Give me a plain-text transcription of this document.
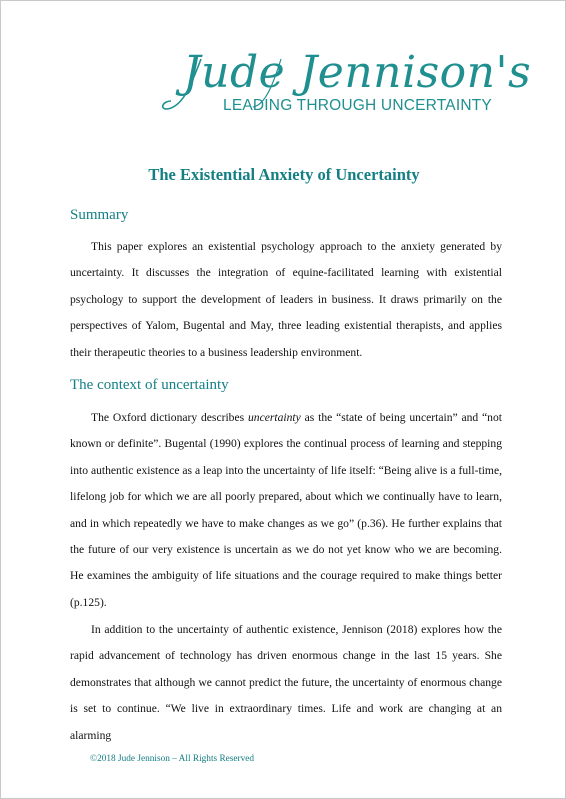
Jude Jennison's
LEADING THROUGH UNCERTAINTY
The Existential Anxiety of Uncertainty
Summary

This paper explores an existential psychology approach to the anxiety generated by uncertainty. It discusses the integration of equine-facilitated learning with existential psychology to support the development of leaders in business. It draws primarily on the perspectives of Yalom, Bugental and May, three leading existential therapists, and applies their therapeutic theories to a business leadership environment.

The context of uncertainty

The Oxford dictionary describes uncertainty as the “state of being uncertain” and “not known or definite”. Bugental (1990) explores the continual process of learning and stepping into authentic existence as a leap into the uncertainty of life itself: “Being alive is a full-time, lifelong job for which we are all poorly prepared, about which we continually have to learn, and in which repeatedly we have to make changes as we go” (p.36). He further explains that the future of our very existence is uncertain as we do not yet know who we are becoming. He examines the ambiguity of life situations and the courage required to make things better (p.125).

In addition to the uncertainty of authentic existence, Jennison (2018) explores how the rapid advancement of technology has driven enormous change in the last 15 years. She demonstrates that although we cannot predict the future, the uncertainty of enormous change is set to continue. “We live in extraordinary times. Life and work are changing at an alarming

©2018 Jude Jennison – All Rights Reserved
